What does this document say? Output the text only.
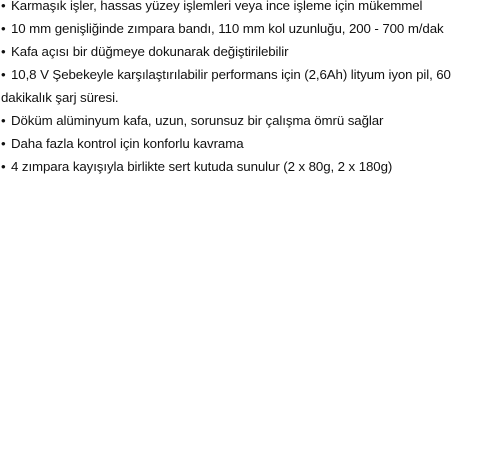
• Karmaşık işler, hassas yüzey işlemleri veya ince işleme için mükemmel
• 10 mm genişliğinde zımpara bandı, 110 mm kol uzunluğu, 200 - 700 m/dak
• Kafa açısı bir düğmeye dokunarak değiştirilebilir
• 10,8 V Şebekeyle karşılaştırılabilir performans için (2,6Ah) lityum iyon pil, 60 dakikalık şarj süresi.
• Döküm alüminyum kafa, uzun, sorunsuz bir çalışma ömrü sağlar
• Daha fazla kontrol için konforlu kavrama
• 4 zımpara kayışıyla birlikte sert kutuda sunulur (2 x 80g, 2 x 180g)
